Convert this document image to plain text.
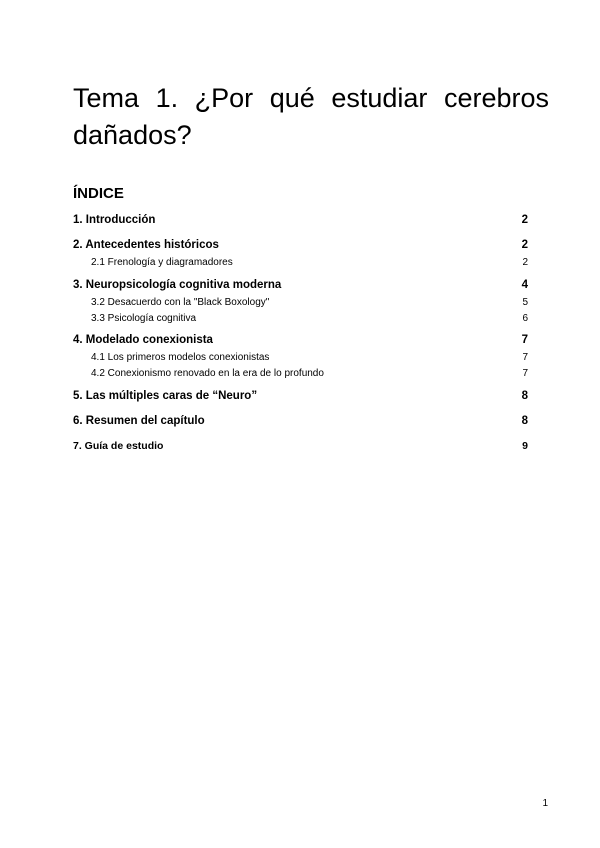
Tema 1. ¿Por qué estudiar cerebros dañados?
ÍNDICE
1. Introducción	2
2. Antecedentes históricos	2
2.1 Frenología y diagramadores	2
3. Neuropsicología cognitiva moderna	4
3.2 Desacuerdo con la "Black Boxology"	5
3.3 Psicología cognitiva	6
4. Modelado conexionista	7
4.1 Los primeros modelos conexionistas	7
4.2 Conexionismo renovado en la era de lo profundo	7
5. Las múltiples caras de “Neuro”	8
6. Resumen del capítulo	8
7. Guía de estudio	9
1
